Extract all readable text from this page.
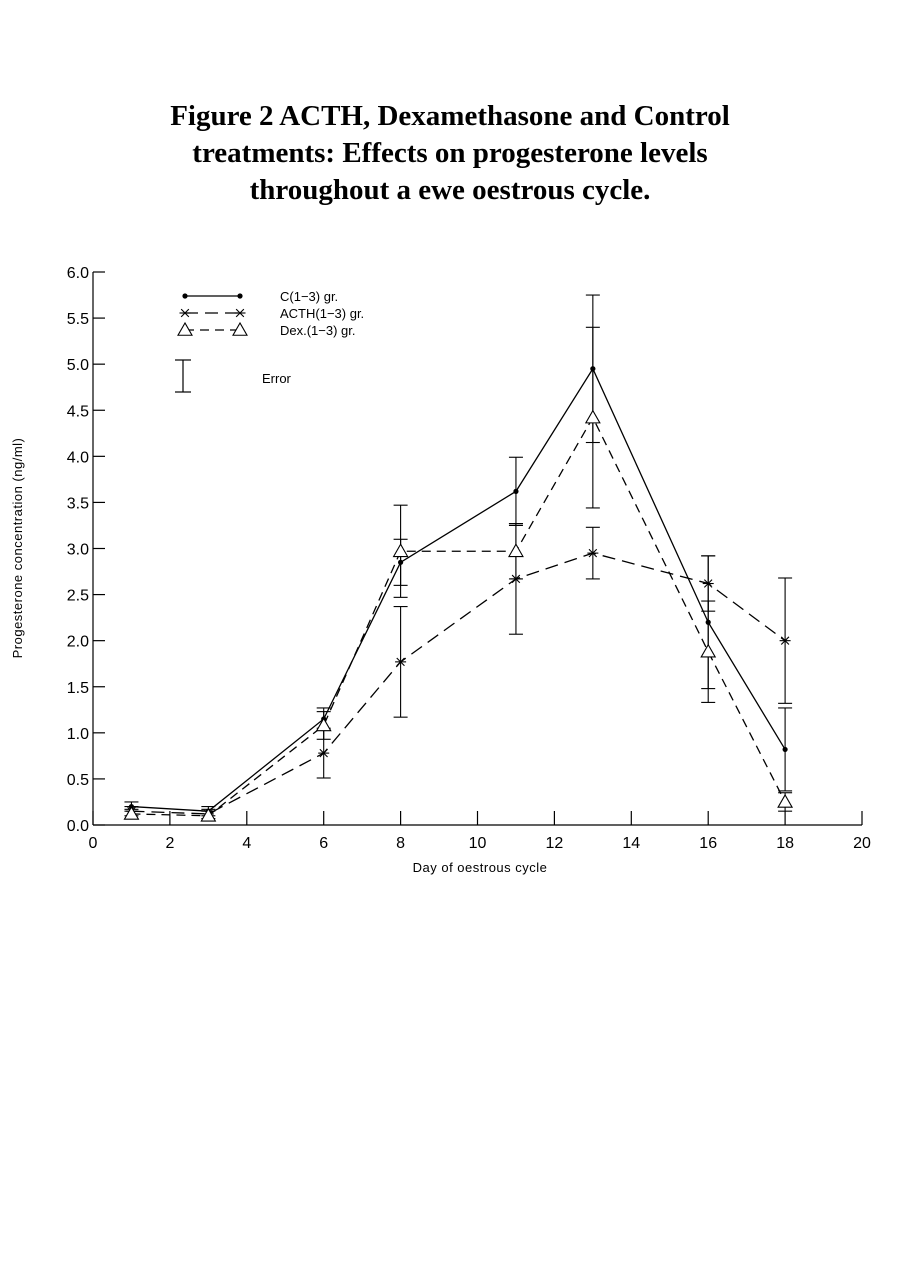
Figure 2 ACTH, Dexamethasone and Control
treatments: Effects on progesterone levels
throughout a ewe oestrous cycle.
0	2	4	6	8	10	12	14	16	18	20
0.0
0.5
1.0
1.5
2.0
2.5
3.0
3.5
4.0
4.5
5.0
5.5
6.0
C(1−3) gr.
ACTH(1−3) gr.
Dex.(1−3) gr.
Error
Progesterone concentration (ng/ml)
Day of oestrous cycle
